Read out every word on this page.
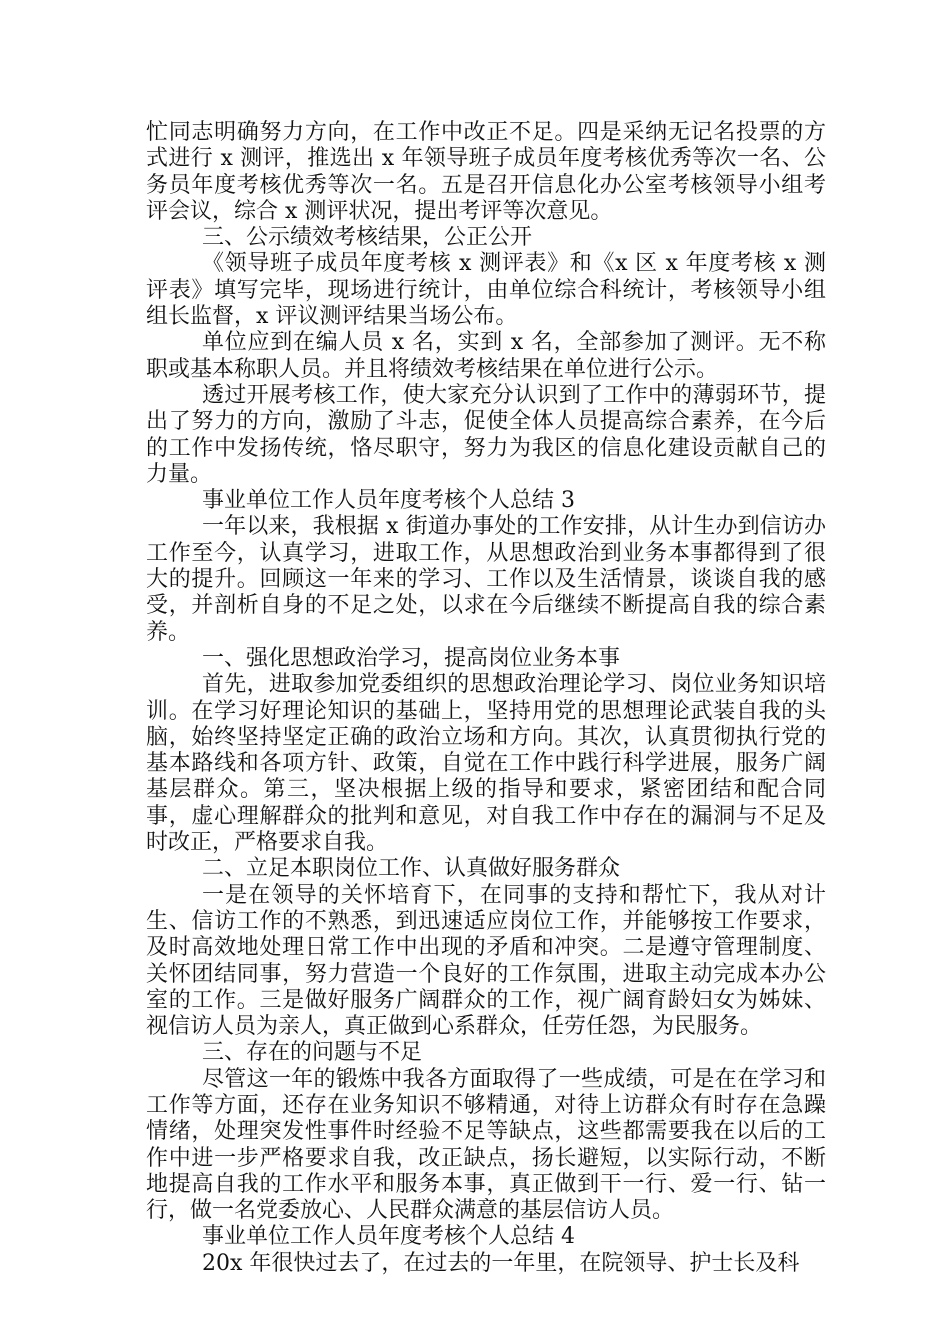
忙同志明确努力方向，在工作中改正不足。四是采纳无记名投票的方式进行 x 测评，推选出 x 年领导班子成员年度考核优秀等次一名、公务员年度考核优秀等次一名。五是召开信息化办公室考核领导小组考评会议，综合 x 测评状况，提出考评等次意见。

三、公示绩效考核结果，公正公开

《领导班子成员年度考核 x 测评表》和《x 区 x 年度考核 x 测评表》填写完毕，现场进行统计，由单位综合科统计，考核领导小组组长监督，x 评议测评结果当场公布。

单位应到在编人员 x 名，实到 x 名，全部参加了测评。无不称职或基本称职人员。并且将绩效考核结果在单位进行公示。

透过开展考核工作，使大家充分认识到了工作中的薄弱环节，提出了努力的方向，激励了斗志，促使全体人员提高综合素养，在今后的工作中发扬传统，恪尽职守，努力为我区的信息化建设贡献自己的力量。

事业单位工作人员年度考核个人总结 3

一年以来，我根据 x 街道办事处的工作安排，从计生办到信访办工作至今，认真学习，进取工作，从思想政治到业务本事都得到了很大的提升。回顾这一年来的学习、工作以及生活情景，谈谈自我的感受，并剖析自身的不足之处，以求在今后继续不断提高自我的综合素养。

一、强化思想政治学习，提高岗位业务本事

首先，进取参加党委组织的思想政治理论学习、岗位业务知识培训。在学习好理论知识的基础上，坚持用党的思想理论武装自我的头脑，始终坚持坚定正确的政治立场和方向。其次，认真贯彻执行党的基本路线和各项方针、政策，自觉在工作中践行科学进展，服务广阔基层群众。第三，坚决根据上级的指导和要求，紧密团结和配合同事，虚心理解群众的批判和意见，对自我工作中存在的漏洞与不足及时改正，严格要求自我。

二、立足本职岗位工作、认真做好服务群众

一是在领导的关怀培育下，在同事的支持和帮忙下，我从对计生、信访工作的不熟悉，到迅速适应岗位工作，并能够按工作要求，及时高效地处理日常工作中出现的矛盾和冲突。二是遵守管理制度、关怀团结同事，努力营造一个良好的工作氛围，进取主动完成本办公室的工作。三是做好服务广阔群众的工作，视广阔育龄妇女为姊妹、视信访人员为亲人，真正做到心系群众，任劳任怨，为民服务。

三、存在的问题与不足

尽管这一年的锻炼中我各方面取得了一些成绩，可是在在学习和工作等方面，还存在业务知识不够精通，对待上访群众有时存在急躁情绪，处理突发性事件时经验不足等缺点，这些都需要我在以后的工作中进一步严格要求自我，改正缺点，扬长避短，以实际行动，不断地提高自我的工作水平和服务本事，真正做到干一行、爱一行、钻一行，做一名党委放心、人民群众满意的基层信访人员。

事业单位工作人员年度考核个人总结 4

20x 年很快过去了，在过去的一年里，在院领导、护士长及科
